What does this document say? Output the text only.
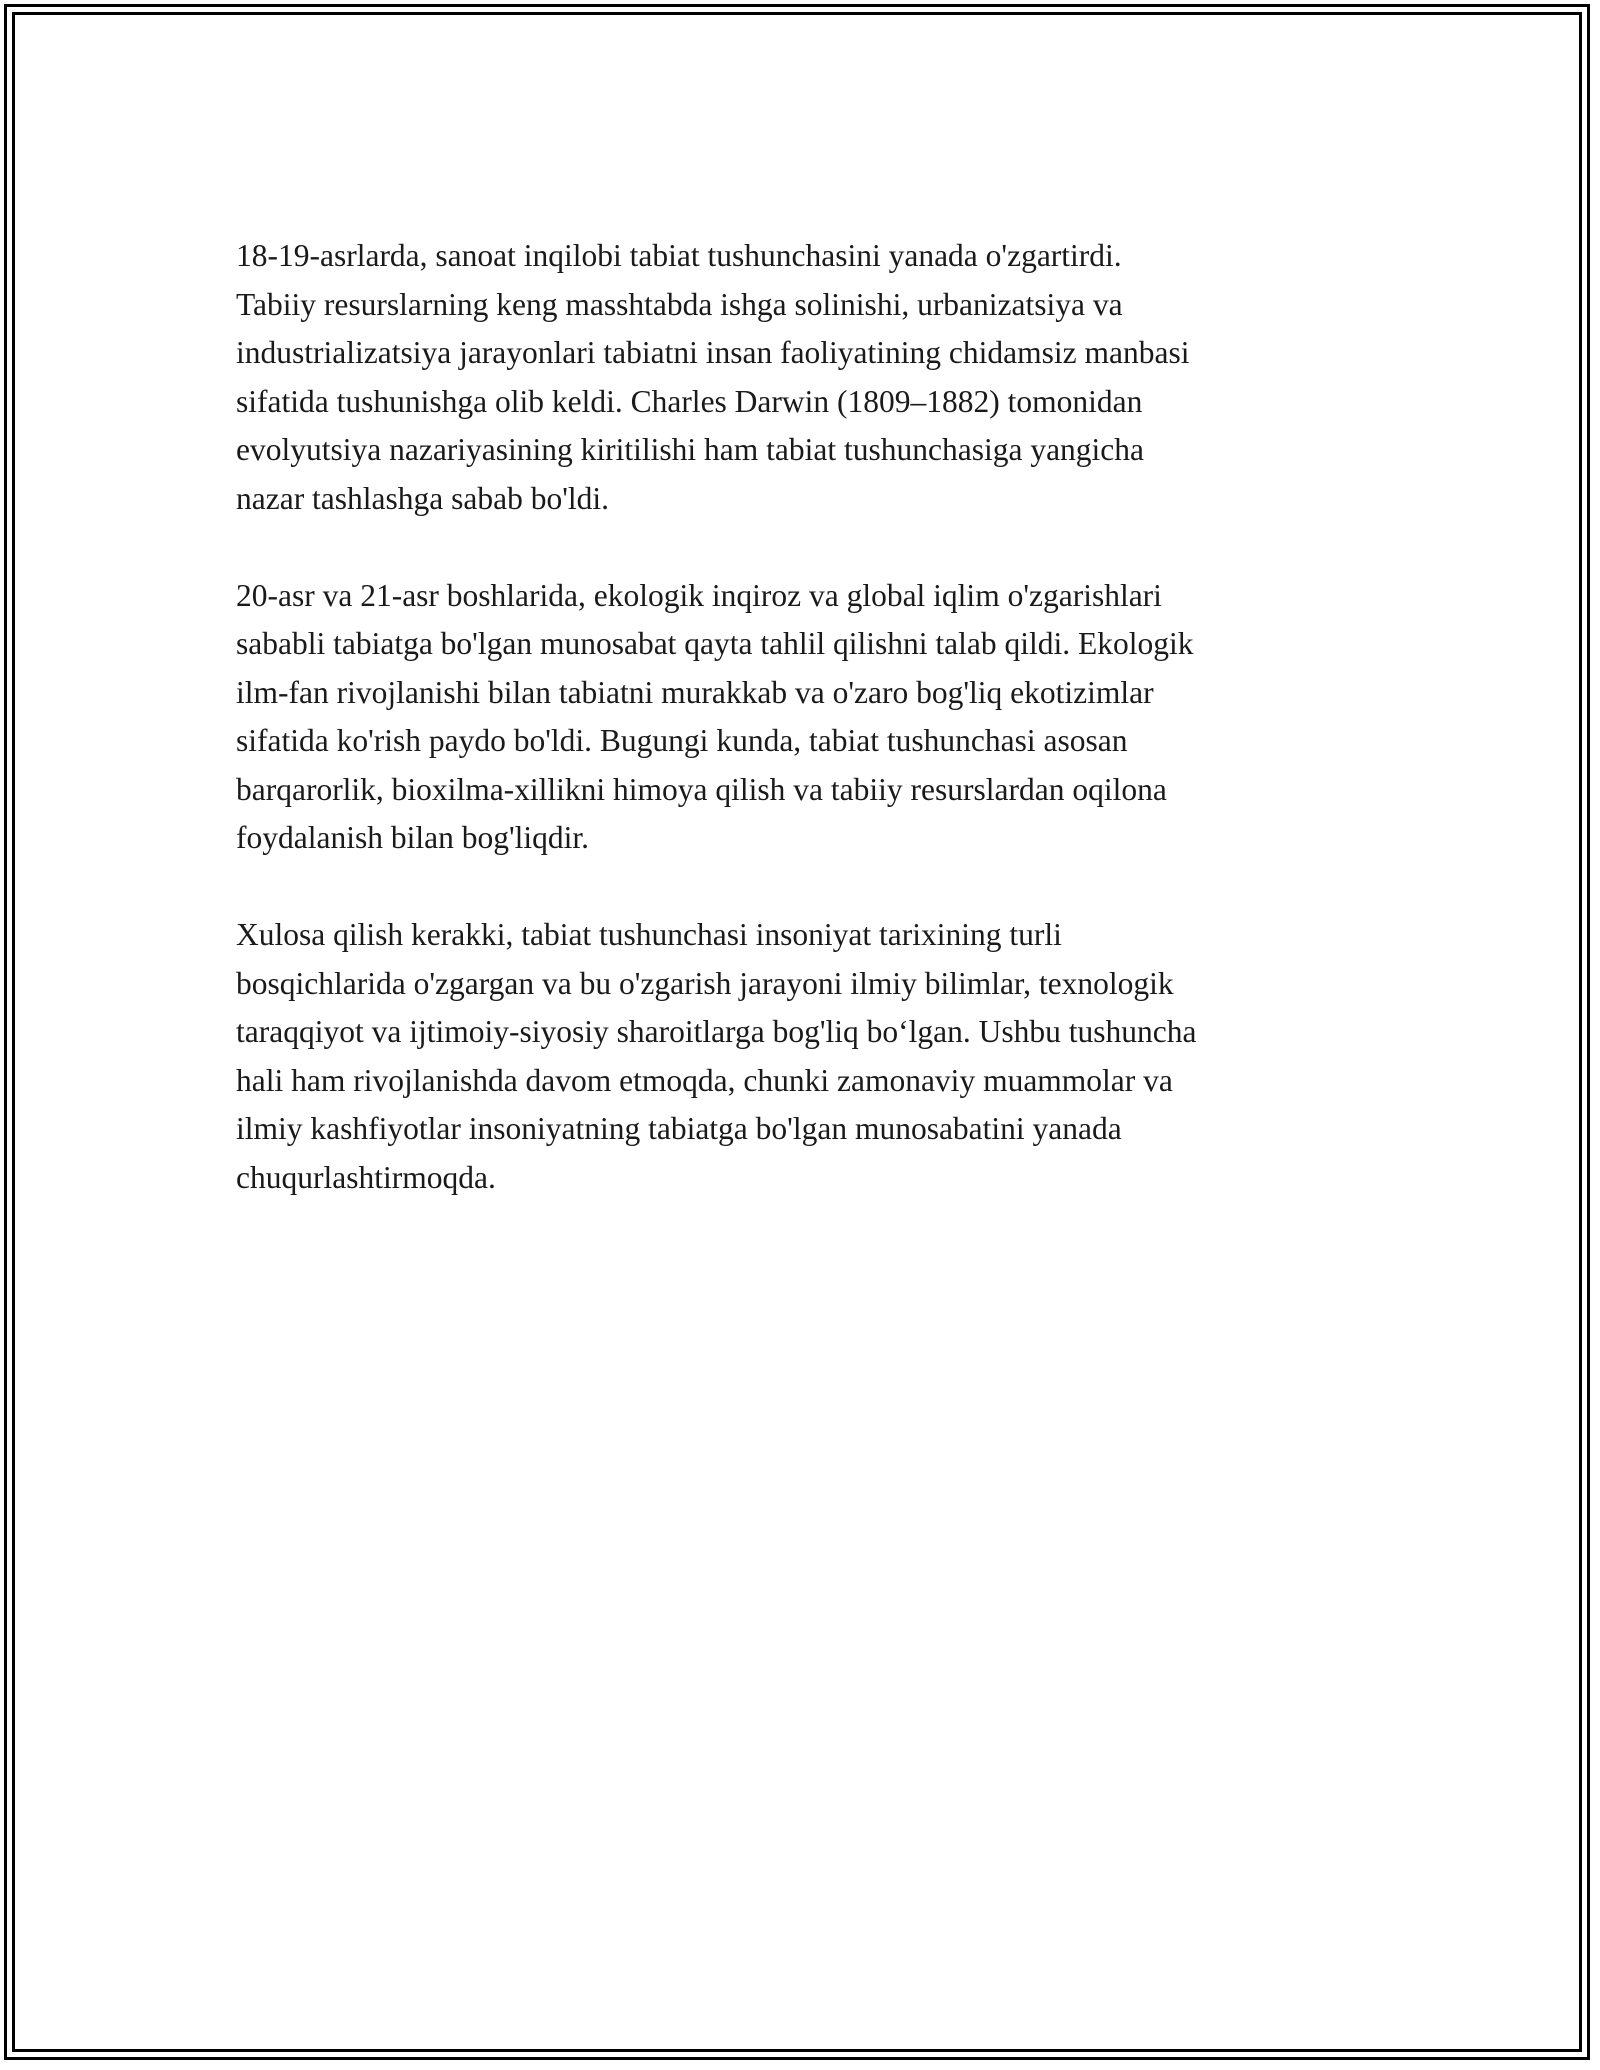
18-19-asrlarda, sanoat inqilobi tabiat tushunchasini yanada o'zgartirdi.
Tabiiy resurslarning keng masshtabda ishga solinishi, urbanizatsiya va
industrializatsiya jarayonlari tabiatni insan faoliyatining chidamsiz manbasi
sifatida tushunishga olib keldi. Charles Darwin (1809–1882) tomonidan
evolyutsiya nazariyasining kiritilishi ham tabiat tushunchasiga yangicha
nazar tashlashga sabab bo'ldi.

20-asr va 21-asr boshlarida, ekologik inqiroz va global iqlim o'zgarishlari
sababli tabiatga bo'lgan munosabat qayta tahlil qilishni talab qildi. Ekologik
ilm-fan rivojlanishi bilan tabiatni murakkab va o'zaro bog'liq ekotizimlar
sifatida ko'rish paydo bo'ldi. Bugungi kunda, tabiat tushunchasi asosan
barqarorlik, bioxilma-xillikni himoya qilish va tabiiy resurslardan oqilona
foydalanish bilan bog'liqdir.

Xulosa qilish kerakki, tabiat tushunchasi insoniyat tarixining turli
bosqichlarida o'zgargan va bu o'zgarish jarayoni ilmiy bilimlar, texnologik
taraqqiyot va ijtimoiy-siyosiy sharoitlarga bog'liq bo‘lgan. Ushbu tushuncha
hali ham rivojlanishda davom etmoqda, chunki zamonaviy muammolar va
ilmiy kashfiyotlar insoniyatning tabiatga bo'lgan munosabatini yanada
chuqurlashtirmoqda.
